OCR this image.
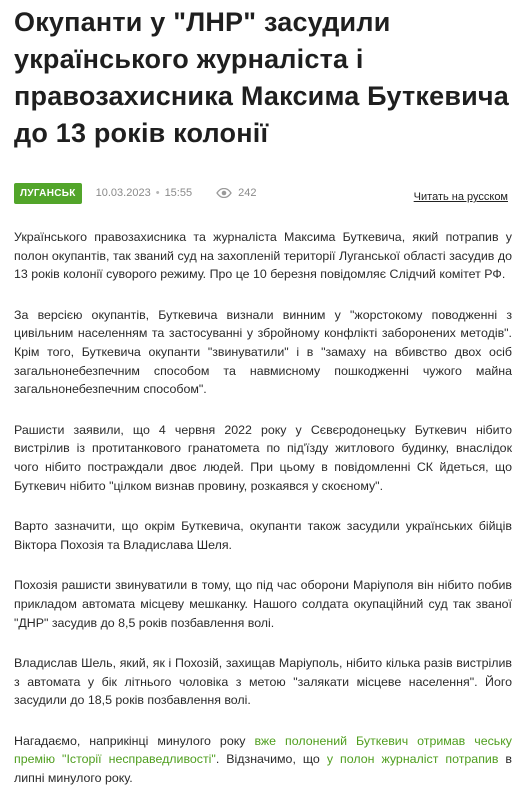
Окупанти у "ЛНР" засудили українського журналіста і правозахисника Максима Буткевича до 13 років колонії
ЛУГАНСЬК	10.03.2023 • 15:55	242	Читать на русском

Українського правозахисника та журналіста Максима Буткевича, який потрапив у полон окупантів, так званий суд на захопленій території Луганської області засудив до 13 років колонії суворого режиму. Про це 10 березня повідомляє Слідчий комітет РФ.

За версією окупантів, Буткевича визнали винним у "жорстокому поводженні з цивільним населенням та застосуванні у збройному конфлікті заборонених методів". Крім того, Буткевича окупанти "звинуватили" і в "замаху на вбивство двох осіб загальнонебезпечним способом та навмисному пошкодженні чужого майна загальнонебезпечним способом".

Рашисти заявили, що 4 червня 2022 року у Сєвєродонецьку Буткевич нібито вистрілив із протитанкового гранатомета по під'їзду житлового будинку, внаслідок чого нібито постраждали двоє людей. При цьому в повідомленні СК йдеться, що Буткевич нібито "цілком визнав провину, розкаявся у скоєному".

Варто зазначити, що окрім Буткевича, окупанти також засудили українських бійців Віктора Похозія та Владислава Шеля.

Похозія рашисти звинуватили в тому, що під час оборони Маріуполя він нібито побив прикладом автомата місцеву мешканку. Нашого солдата окупаційний суд так званої "ДНР" засудив до 8,5 років позбавлення волі.

Владислав Шель, який, як і Похозій, захищав Маріуполь, нібито кілька разів вистрілив з автомата у бік літнього чоловіка з метою "залякати місцеве населення". Його засудили до 18,5 років позбавлення волі.

Нагадаємо, наприкінці минулого року вже полонений Буткевич отримав чеську премію "Історії несправедливості". Відзначимо, що у полон журналіст потрапив в липні минулого року.
